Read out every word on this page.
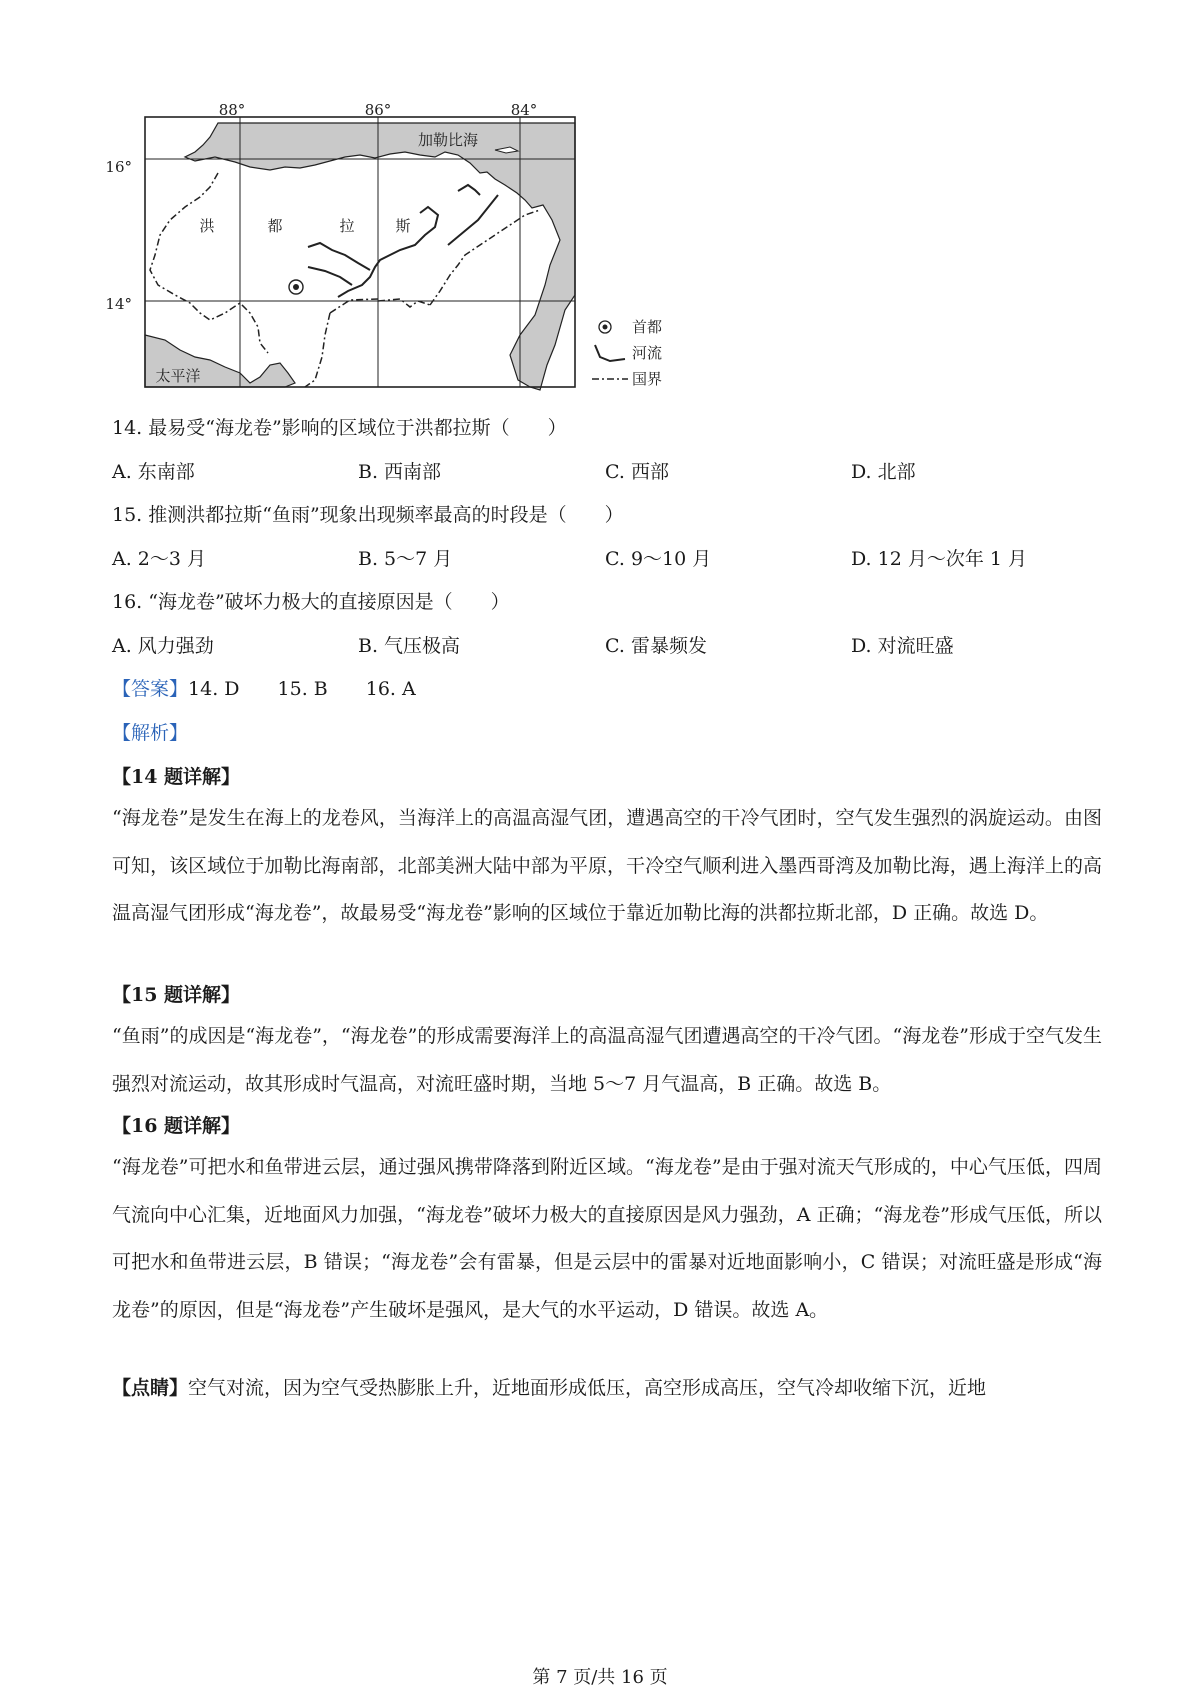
88°	86°	84°
16°
14°
洪	都	拉	斯
加勒比海
太平洋
首都
河流
国界
14. 最易受“海龙卷”影响的区域位于洪都拉斯（　　）
A. 东南部	B. 西南部	C. 西部	D. 北部
15. 推测洪都拉斯“鱼雨”现象出现频率最高的时段是（　　）
A. 2～3 月	B. 5～7 月	C. 9～10 月	D. 12 月～次年 1 月
16. “海龙卷”破坏力极大的直接原因是（　　）
A. 风力强劲	B. 气压极高	C. 雷暴频发	D. 对流旺盛
【答案】14. D 15. B 16. A
【解析】
【14 题详解】
“海龙卷”是发生在海上的龙卷风，当海洋上的高温高湿气团，遭遇高空的干冷气团时，空气发生强烈的涡旋运动。由图可知，该区域位于加勒比海南部，北部美洲大陆中部为平原，干冷空气顺利进入墨西哥湾及加勒比海，遇上海洋上的高温高湿气团形成“海龙卷”，故最易受“海龙卷”影响的区域位于靠近加勒比海的洪都拉斯北部，D 正确。故选 D。
【15 题详解】
“鱼雨”的成因是“海龙卷”，“海龙卷”的形成需要海洋上的高温高湿气团遭遇高空的干冷气团。“海龙卷”形成于空气发生强烈对流运动，故其形成时气温高，对流旺盛时期，当地 5～7 月气温高，B 正确。故选 B。
【16 题详解】
“海龙卷”可把水和鱼带进云层，通过强风携带降落到附近区域。“海龙卷”是由于强对流天气形成的，中心气压低，四周气流向中心汇集，近地面风力加强，“海龙卷”破坏力极大的直接原因是风力强劲，A 正确；“海龙卷”形成气压低，所以可把水和鱼带进云层，B 错误；“海龙卷”会有雷暴，但是云层中的雷暴对近地面影响小，C 错误；对流旺盛是形成“海龙卷”的原因，但是“海龙卷”产生破坏是强风，是大气的水平运动，D 错误。故选 A。
【点睛】空气对流，因为空气受热膨胀上升，近地面形成低压，高空形成高压，空气冷却收缩下沉，近地
第 7 页/共 16 页
